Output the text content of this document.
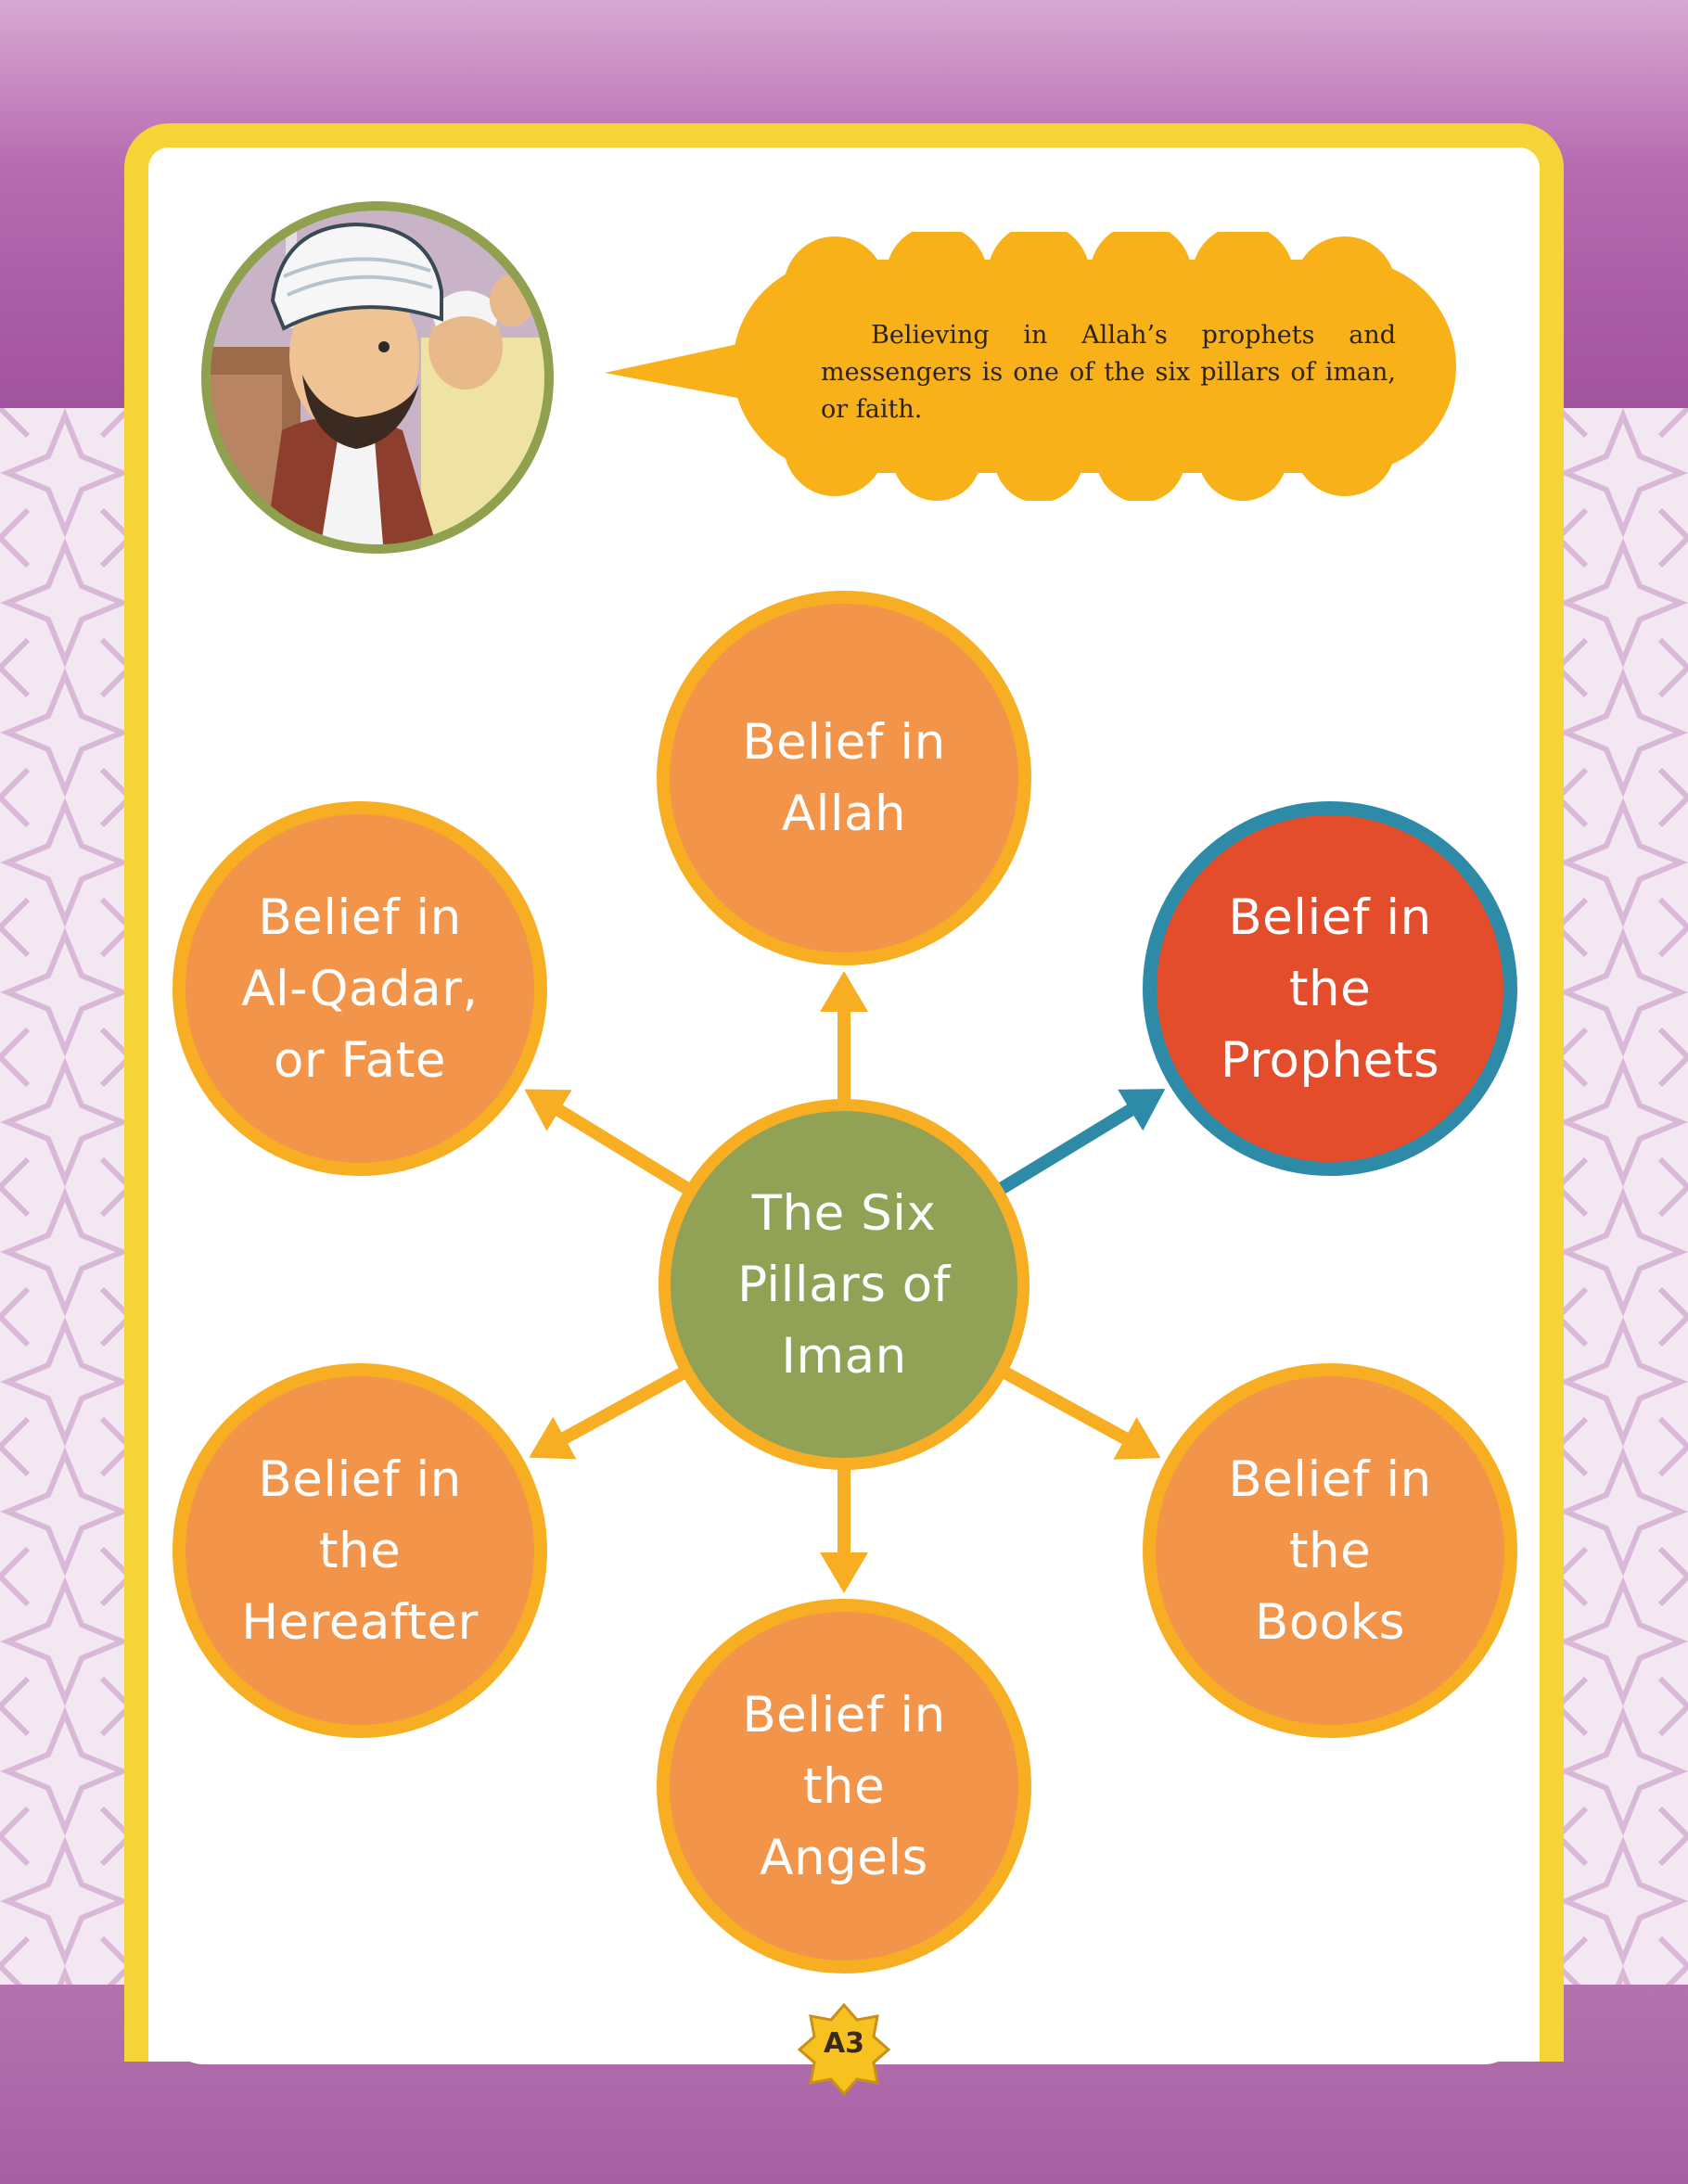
Believing in Allah’s prophets and messengers is one of the six pillars of iman, or faith.

The Six
Pillars of
Iman
Belief in
Allah
Belief in
the
Prophets
Belief in
the
Books
Belief in
the
Angels
Belief in
the
Hereafter
Belief in
Al-Qadar,
or Fate
A3
